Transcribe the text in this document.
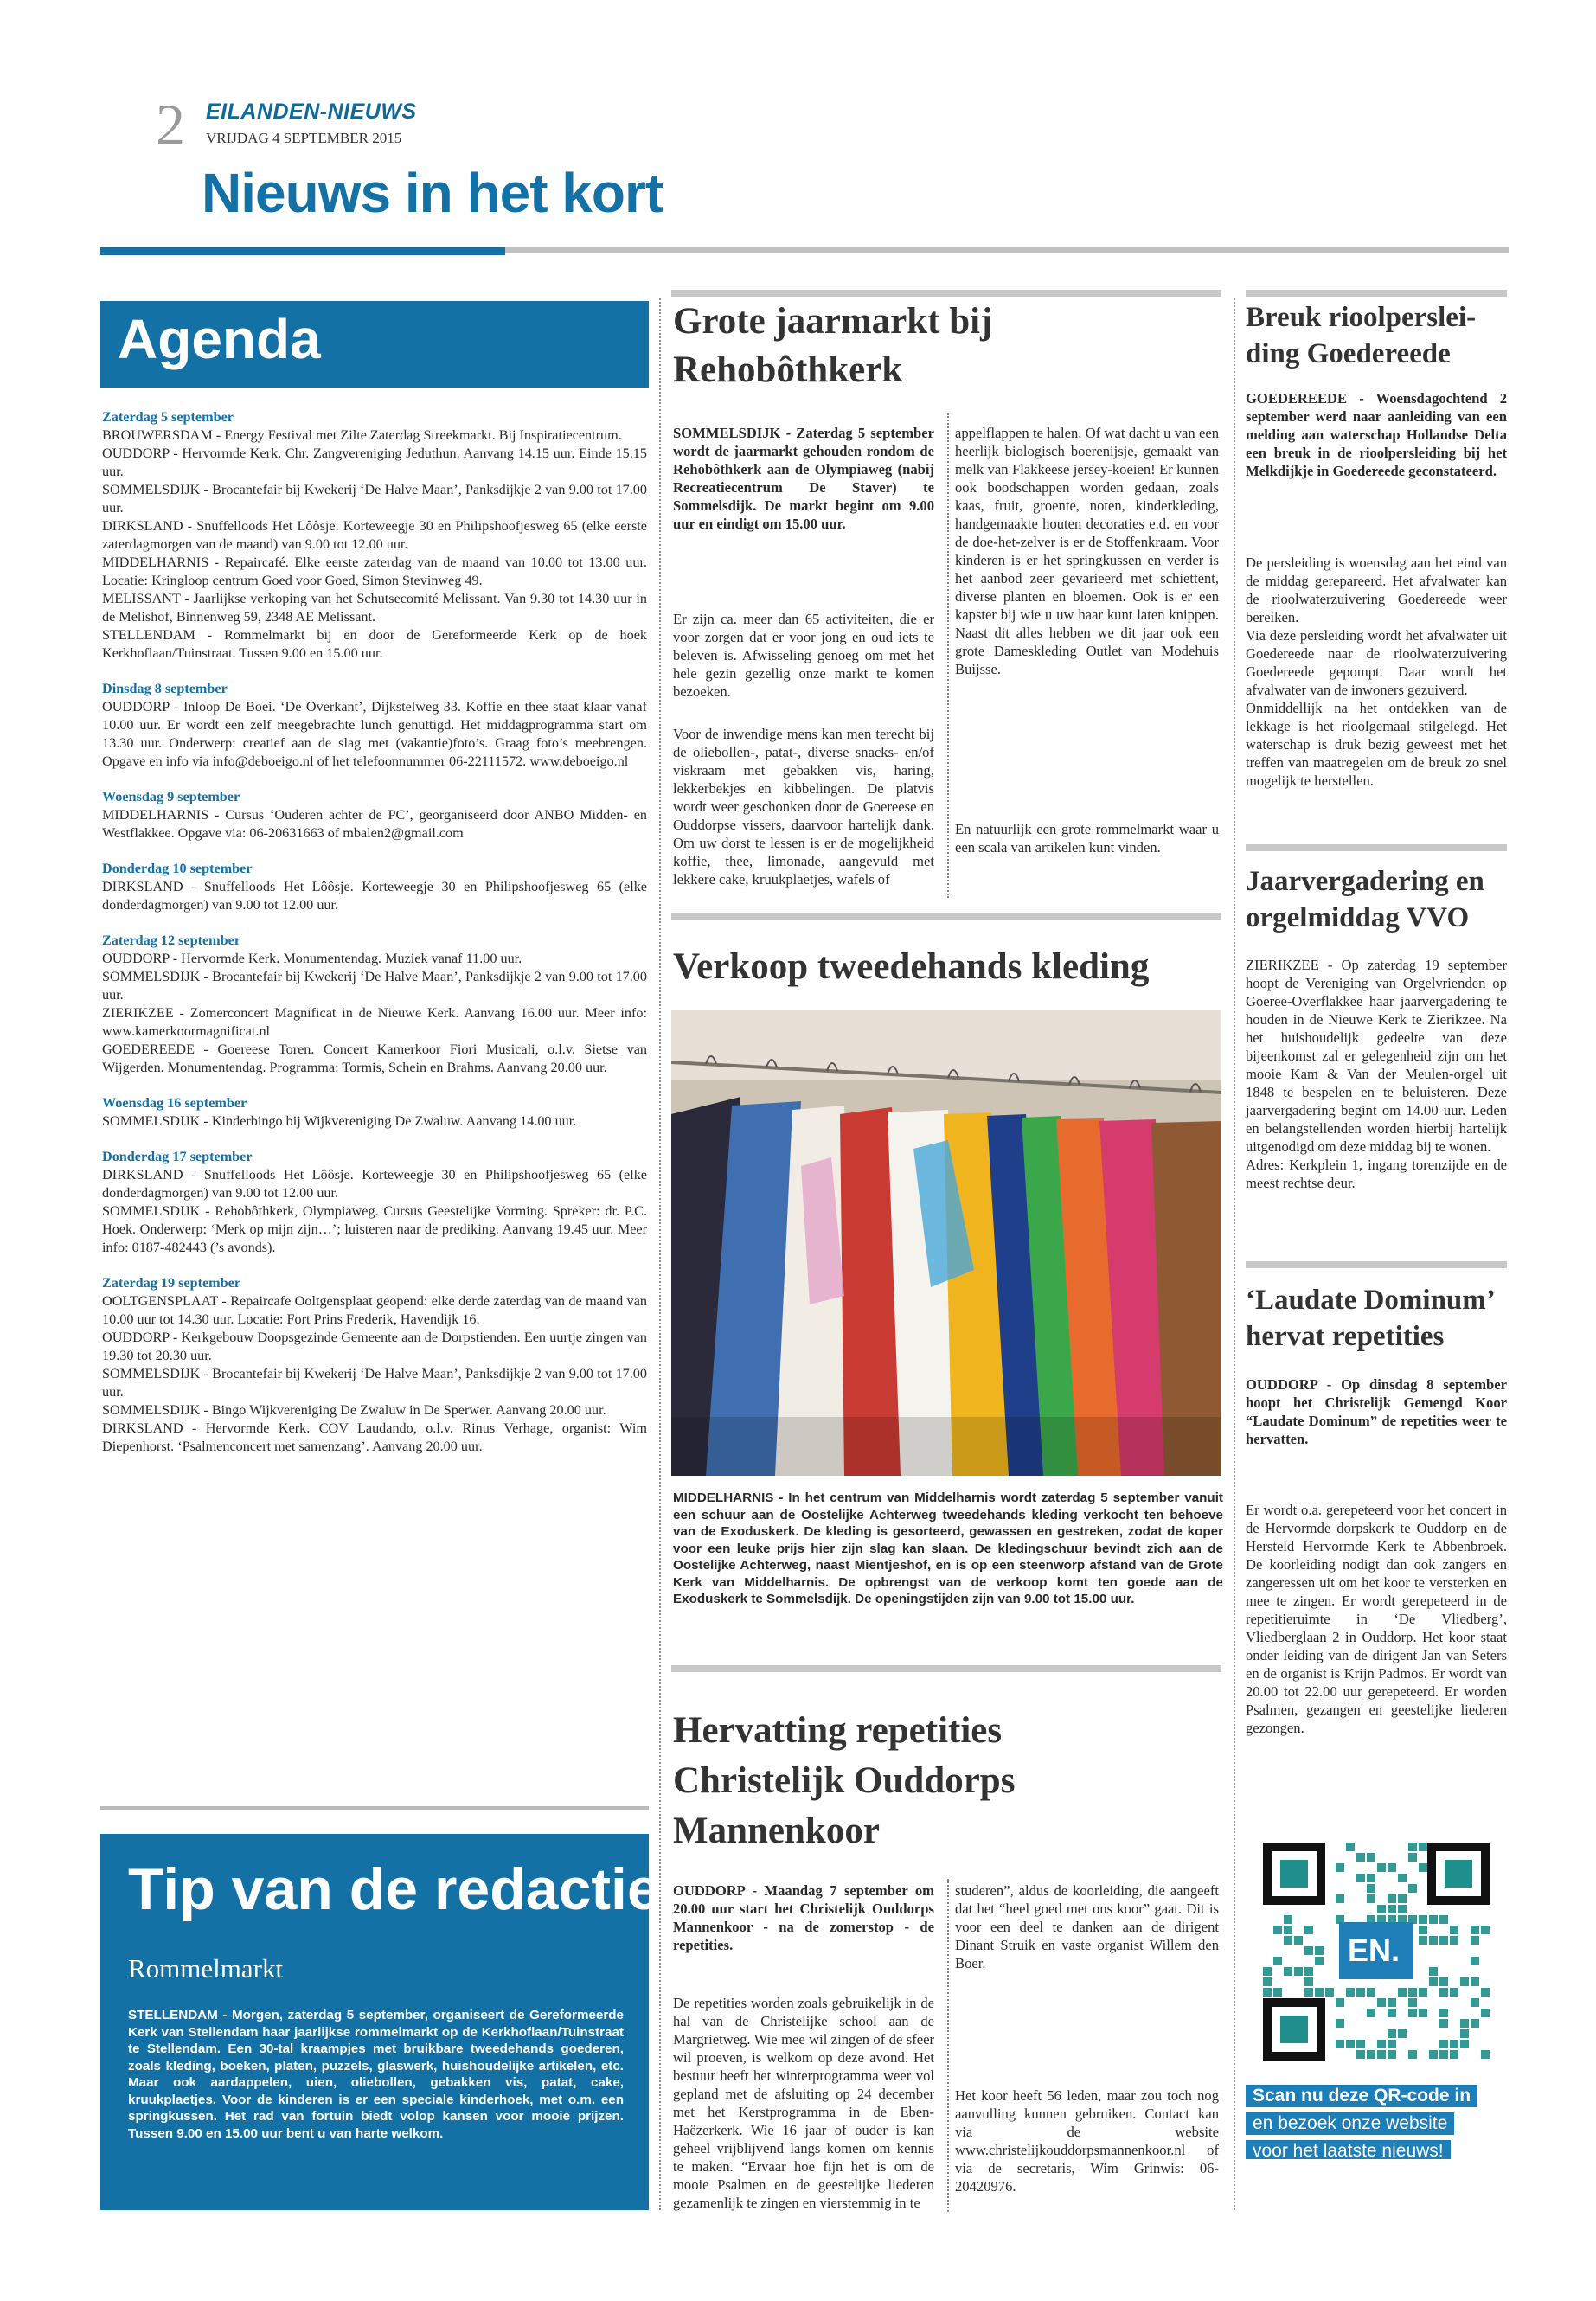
2 EILANDEN-NIEUWS
VRIJDAG 4 SEPTEMBER 2015
Nieuws in het kort
Agenda

Zaterdag 5 september

BROUWERSDAM - Energy Festival met Zilte Zaterdag Streekmarkt. Bij Inspiratiecentrum.

OUDDORP - Hervormde Kerk. Chr. Zangvereniging Jeduthun. Aanvang 14.15 uur. Einde 15.15 uur.

SOMMELSDIJK - Brocantefair bij Kwekerij ‘De Halve Maan’, Panksdijkje 2 van 9.00 tot 17.00 uur.

DIRKSLAND - Snuffelloods Het Lôôsje. Korteweegje 30 en Philipshoofjesweg 65 (elke eerste zaterdagmorgen van de maand) van 9.00 tot 12.00 uur.

MIDDELHARNIS - Repaircafé. Elke eerste zaterdag van de maand van 10.00 tot 13.00 uur. Locatie: Kringloop centrum Goed voor Goed, Simon Stevinweg 49.

MELISSANT - Jaarlijkse verkoping van het Schutsecomité Melissant. Van 9.30 tot 14.30 uur in de Melishof, Binnenweg 59, 2348 AE Melissant.

STELLENDAM - Rommelmarkt bij en door de Gereformeerde Kerk op de hoek Kerkhoflaan/Tuinstraat. Tussen 9.00 en 15.00 uur.

Dinsdag 8 september

OUDDORP - Inloop De Boei. ‘De Overkant’, Dijkstelweg 33. Koffie en thee staat klaar vanaf 10.00 uur. Er wordt een zelf meegebrachte lunch genuttigd. Het middagprogramma start om 13.30 uur. Onderwerp: creatief aan de slag met (vakantie)foto’s. Graag foto’s meebrengen. Opgave en info via info@deboeigo.nl of het telefoonnummer 06-22111572. www.deboeigo.nl

Woensdag 9 september

MIDDELHARNIS - Cursus ‘Ouderen achter de PC’, georganiseerd door ANBO Midden- en Westflakkee. Opgave via: 06-20631663 of mbalen2@gmail.com

Donderdag 10 september

DIRKSLAND - Snuffelloods Het Lôôsje. Korteweegje 30 en Philipshoofjesweg 65 (elke donderdagmorgen) van 9.00 tot 12.00 uur.

Zaterdag 12 september

OUDDORP - Hervormde Kerk. Monumentendag. Muziek vanaf 11.00 uur.

SOMMELSDIJK - Brocantefair bij Kwekerij ‘De Halve Maan’, Panksdijkje 2 van 9.00 tot 17.00 uur.

ZIERIKZEE - Zomerconcert Magnificat in de Nieuwe Kerk. Aanvang 16.00 uur. Meer info: www.kamerkoormagnificat.nl

GOEDEREEDE - Goereese Toren. Concert Kamerkoor Fiori Musicali, o.l.v. Sietse van Wijgerden. Monumentendag. Programma: Tormis, Schein en Brahms. Aanvang 20.00 uur.

Woensdag 16 september

SOMMELSDIJK - Kinderbingo bij Wijkvereniging De Zwaluw. Aanvang 14.00 uur.

Donderdag 17 september

DIRKSLAND - Snuffelloods Het Lôôsje. Korteweegje 30 en Philipshoofjesweg 65 (elke donderdagmorgen) van 9.00 tot 12.00 uur.

SOMMELSDIJK - Rehobôthkerk, Olympiaweg. Cursus Geestelijke Vorming. Spreker: dr. P.C. Hoek. Onderwerp: ‘Merk op mijn zijn…’; luisteren naar de prediking. Aanvang 19.45 uur. Meer info: 0187-482443 (’s avonds).

Zaterdag 19 september

OOLTGENSPLAAT - Repaircafe Ooltgensplaat geopend: elke derde zaterdag van de maand van 10.00 uur tot 14.30 uur. Locatie: Fort Prins Frederik, Havendijk 16.

OUDDORP - Kerkgebouw Doopsgezinde Gemeente aan de Dorpstienden. Een uurtje zingen van 19.30 tot 20.30 uur.

SOMMELSDIJK - Brocantefair bij Kwekerij ‘De Halve Maan’, Panksdijkje 2 van 9.00 tot 17.00 uur.

SOMMELSDIJK - Bingo Wijkvereniging De Zwaluw in De Sperwer. Aanvang 20.00 uur.

DIRKSLAND - Hervormde Kerk. COV Laudando, o.l.v. Rinus Verhage, organist: Wim Diepenhorst. ‘Psalmenconcert met samenzang’. Aanvang 20.00 uur.

Tip van de redactie
Rommelmarkt
STELLENDAM - Morgen, zaterdag 5 september, organiseert de Gereformeerde Kerk van Stellendam haar jaarlijkse rommelmarkt op de Kerkhoflaan/Tuinstraat te Stellendam. Een 30-tal kraampjes met bruikbare tweedehands goederen, zoals kleding, boeken, platen, puzzels, glaswerk, huishoudelijke artikelen, etc. Maar ook aardappelen, uien, oliebollen, gebakken vis, patat, cake, kruukplaetjes. Voor de kinderen is er een speciale kinderhoek, met o.m. een springkussen. Het rad van fortuin biedt volop kansen voor mooie prijzen. Tussen 9.00 en 15.00 uur bent u van harte welkom.
Grote jaarmarkt bij
Rehobôthkerk
SOMMELSDIJK - Zaterdag 5 september wordt de jaarmarkt gehouden rondom de Rehobôthkerk aan de Olympiaweg (nabij Recreatiecentrum De Staver) te Sommelsdijk. De markt begint om 9.00 uur en eindigt om 15.00 uur.
Er zijn ca. meer dan 65 activiteiten, die er voor zorgen dat er voor jong en oud iets te beleven is. Afwisseling genoeg om met het hele gezin gezellig onze markt te komen bezoeken.
Voor de inwendige mens kan men terecht bij de oliebollen-, patat-, diverse snacks- en/of viskraam met gebakken vis, haring, lekkerbekjes en kibbelingen. De platvis wordt weer geschonken door de Goereese en Ouddorpse vissers, daarvoor hartelijk dank. Om uw dorst te lessen is er de mogelijkheid koffie, thee, limonade, aangevuld met lekkere cake, kruukplaetjes, wafels of
appelflappen te halen. Of wat dacht u van een heerlijk biologisch boerenijsje, gemaakt van melk van Flakkeese jersey-koeien! Er kunnen ook boodschappen worden gedaan, zoals kaas, fruit, groente, noten, kinderkleding, handgemaakte houten decoraties e.d. en voor de doe-het-zelver is er de Stoffenkraam. Voor kinderen is er het springkussen en verder is het aanbod zeer gevarieerd met schiettent, diverse planten en bloemen. Ook is er een kapster bij wie u uw haar kunt laten knippen. Naast dit alles hebben we dit jaar ook een grote Dameskleding Outlet van Modehuis Buijsse.
En natuurlijk een grote rommelmarkt waar u een scala van artikelen kunt vinden.
Verkoop tweedehands kleding
MIDDELHARNIS - In het centrum van Middelharnis wordt zaterdag 5 september vanuit een schuur aan de Oostelijke Achterweg tweedehands kleding verkocht ten behoeve van de Exoduskerk. De kleding is gesorteerd, gewassen en gestreken, zodat de koper voor een leuke prijs hier zijn slag kan slaan. De kledingschuur bevindt zich aan de Oostelijke Achterweg, naast Mientjeshof, en is op een steenworp afstand van de Grote Kerk van Middelharnis. De opbrengst van de verkoop komt ten goede aan de Exoduskerk te Sommelsdijk. De openingstijden zijn van 9.00 tot 15.00 uur.
Hervatting repetities
Christelijk Ouddorps
Mannenkoor
OUDDORP - Maandag 7 september om 20.00 uur start het Christelijk Ouddorps Mannenkoor - na de zomerstop - de repetities.
De repetities worden zoals gebruikelijk in de hal van de Christelijke school aan de Margrietweg. Wie mee wil zingen of de sfeer wil proeven, is welkom op deze avond. Het bestuur heeft het winterprogramma weer vol gepland met de afsluiting op 24 december met het Kerstprogramma in de Eben-Haëzerkerk. Wie 16 jaar of ouder is kan geheel vrijblijvend langs komen om kennis te maken. “Ervaar hoe fijn het is om de mooie Psalmen en de geestelijke liederen gezamenlijk te zingen en vierstemmig in te
studeren”, aldus de koorleiding, die aangeeft dat het “heel goed met ons koor” gaat. Dit is voor een deel te danken aan de dirigent Dinant Struik en vaste organist Willem den Boer.
Het koor heeft 56 leden, maar zou toch nog aanvulling kunnen gebruiken. Contact kan via de website www.christelijkouddorpsmannenkoor.nl of via de secretaris, Wim Grinwis: 06-20420976.
Breuk rioolperslei-
ding Goedereede
GOEDEREEDE - Woensdagochtend 2 september werd naar aanleiding van een melding aan waterschap Hollandse Delta een breuk in de rioolpersleiding bij het Melkdijkje in Goedereede geconstateerd.
De persleiding is woensdag aan het eind van de middag gerepareerd. Het afvalwater kan de rioolwaterzuivering Goedereede weer bereiken.
Via deze persleiding wordt het afvalwater uit Goedereede naar de rioolwaterzuivering Goedereede gepompt. Daar wordt het afvalwater van de inwoners gezuiverd.
Onmiddellijk na het ontdekken van de lekkage is het rioolgemaal stilgelegd. Het waterschap is druk bezig geweest met het treffen van maatregelen om de breuk zo snel mogelijk te herstellen.
Jaarvergadering en
orgelmiddag VVO
ZIERIKZEE - Op zaterdag 19 september hoopt de Vereniging van Orgelvrienden op Goeree-Overflakkee haar jaarvergadering te houden in de Nieuwe Kerk te Zierikzee. Na het huishoudelijk gedeelte van deze bijeenkomst zal er gelegenheid zijn om het mooie Kam & Van der Meulen-orgel uit 1848 te bespelen en te beluisteren. Deze jaarvergadering begint om 14.00 uur. Leden en belangstellenden worden hierbij hartelijk uitgenodigd om deze middag bij te wonen.
Adres: Kerkplein 1, ingang torenzijde en de meest rechtse deur.
‘Laudate Dominum’
hervat repetities
OUDDORP - Op dinsdag 8 september hoopt het Christelijk Gemengd Koor “Laudate Dominum” de repetities weer te hervatten.
Er wordt o.a. gerepeteerd voor het concert in de Hervormde dorpskerk te Ouddorp en de Hersteld Hervormde Kerk te Abbenbroek. De koorleiding nodigt dan ook zangers en zangeressen uit om het koor te versterken en mee te zingen. Er wordt gerepeteerd in de repetitieruimte in ‘De Vliedberg’, Vliedberglaan 2 in Ouddorp. Het koor staat onder leiding van de dirigent Jan van Seters en de organist is Krijn Padmos. Er wordt van 20.00 tot 22.00 uur gerepeteerd. Er worden Psalmen, gezangen en geestelijke liederen gezongen.
EN.
Scan nu deze QR-code in
en bezoek onze website
voor het laatste nieuws!
